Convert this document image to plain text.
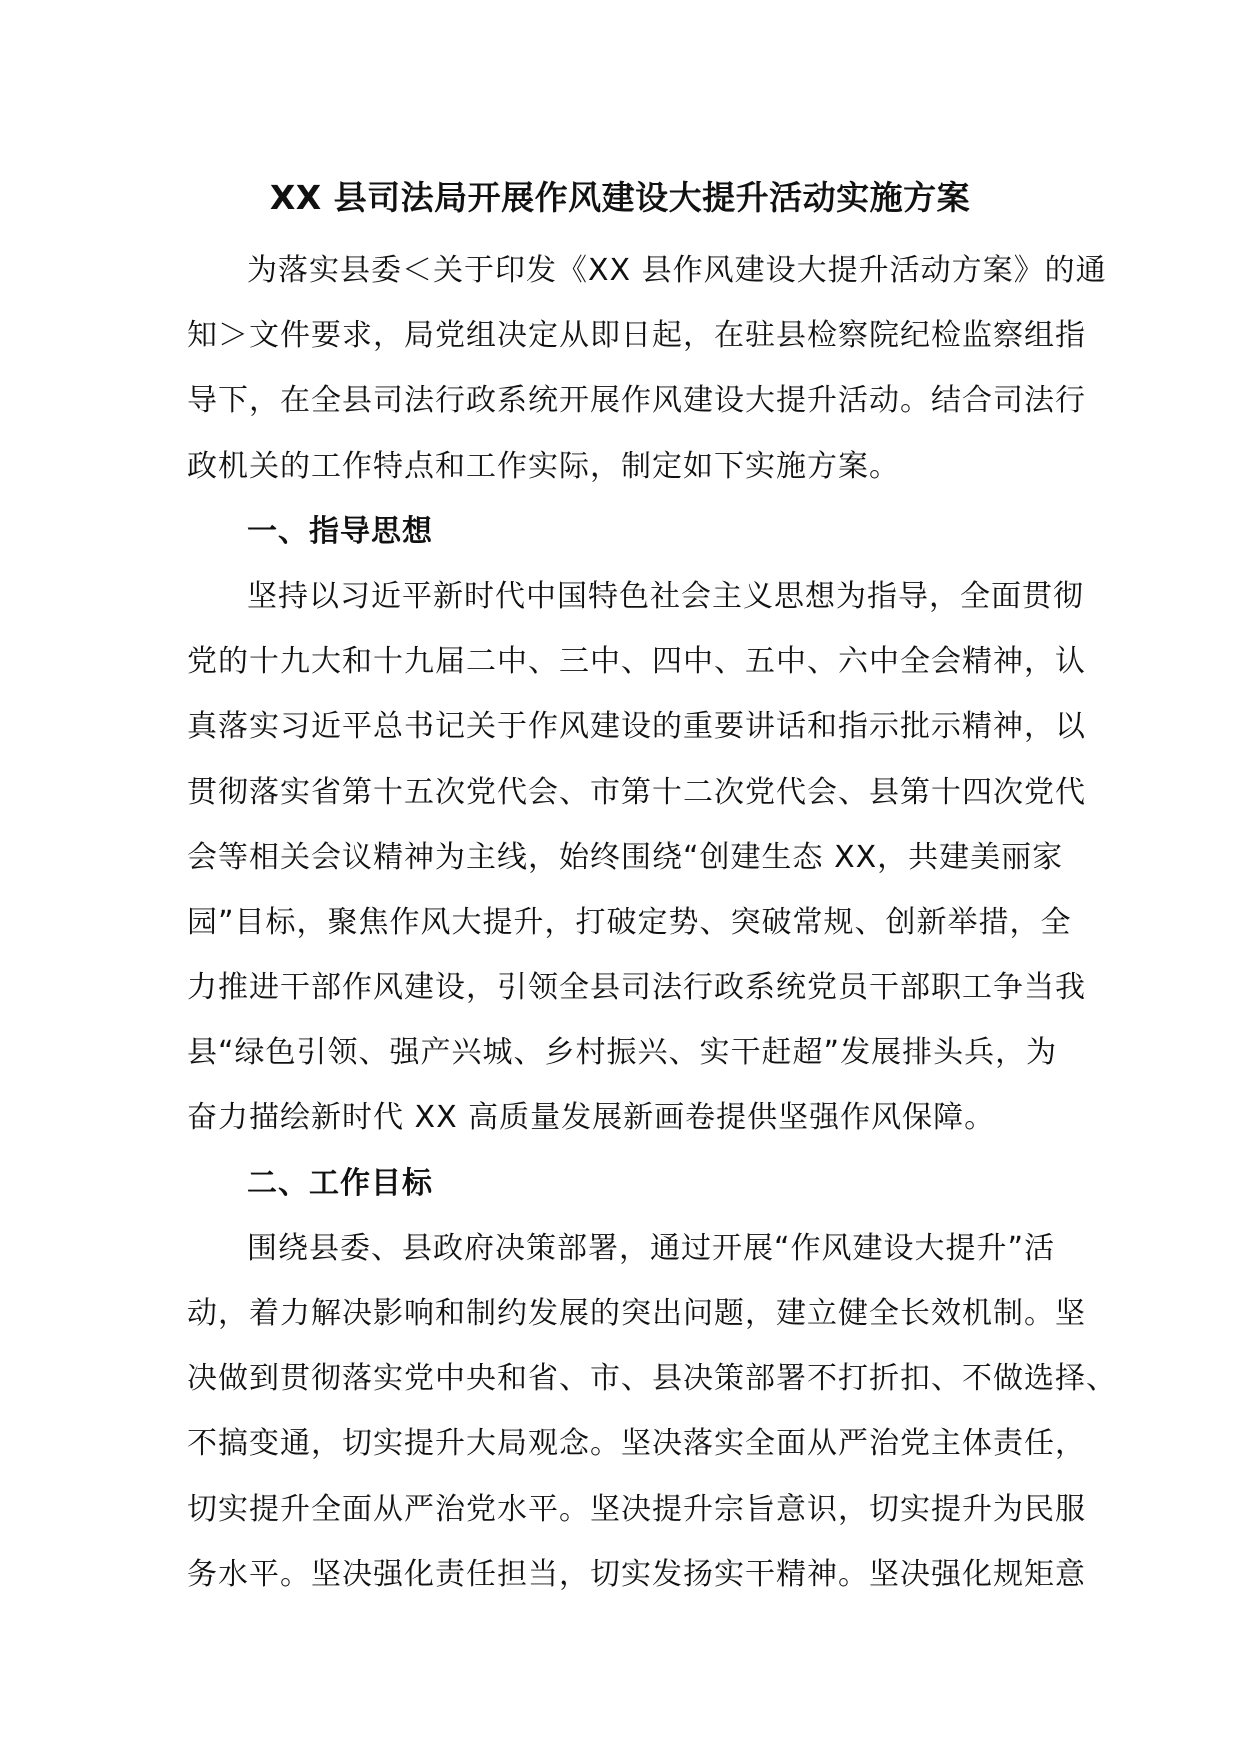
XX 县司法局开展作风建设大提升活动实施方案
为落实县委＜关于印发《XX 县作风建设大提升活动方案》的通
知＞文件要求，局党组决定从即日起，在驻县检察院纪检监察组指
导下，在全县司法行政系统开展作风建设大提升活动。结合司法行
政机关的工作特点和工作实际，制定如下实施方案。
一、指导思想
坚持以习近平新时代中国特色社会主义思想为指导，全面贯彻
党的十九大和十九届二中、三中、四中、五中、六中全会精神，认
真落实习近平总书记关于作风建设的重要讲话和指示批示精神，以
贯彻落实省第十五次党代会、市第十二次党代会、县第十四次党代
会等相关会议精神为主线，始终围绕“创建生态 XX，共建美丽家
园”目标，聚焦作风大提升，打破定势、突破常规、创新举措，全
力推进干部作风建设，引领全县司法行政系统党员干部职工争当我
县“绿色引领、强产兴城、乡村振兴、实干赶超”发展排头兵，为
奋力描绘新时代 XX 高质量发展新画卷提供坚强作风保障。
二、工作目标
围绕县委、县政府决策部署，通过开展“作风建设大提升”活
动，着力解决影响和制约发展的突出问题，建立健全长效机制。坚
决做到贯彻落实党中央和省、市、县决策部署不打折扣、不做选择、
不搞变通，切实提升大局观念。坚决落实全面从严治党主体责任，
切实提升全面从严治党水平。坚决提升宗旨意识，切实提升为民服
务水平。坚决强化责任担当，切实发扬实干精神。坚决强化规矩意
